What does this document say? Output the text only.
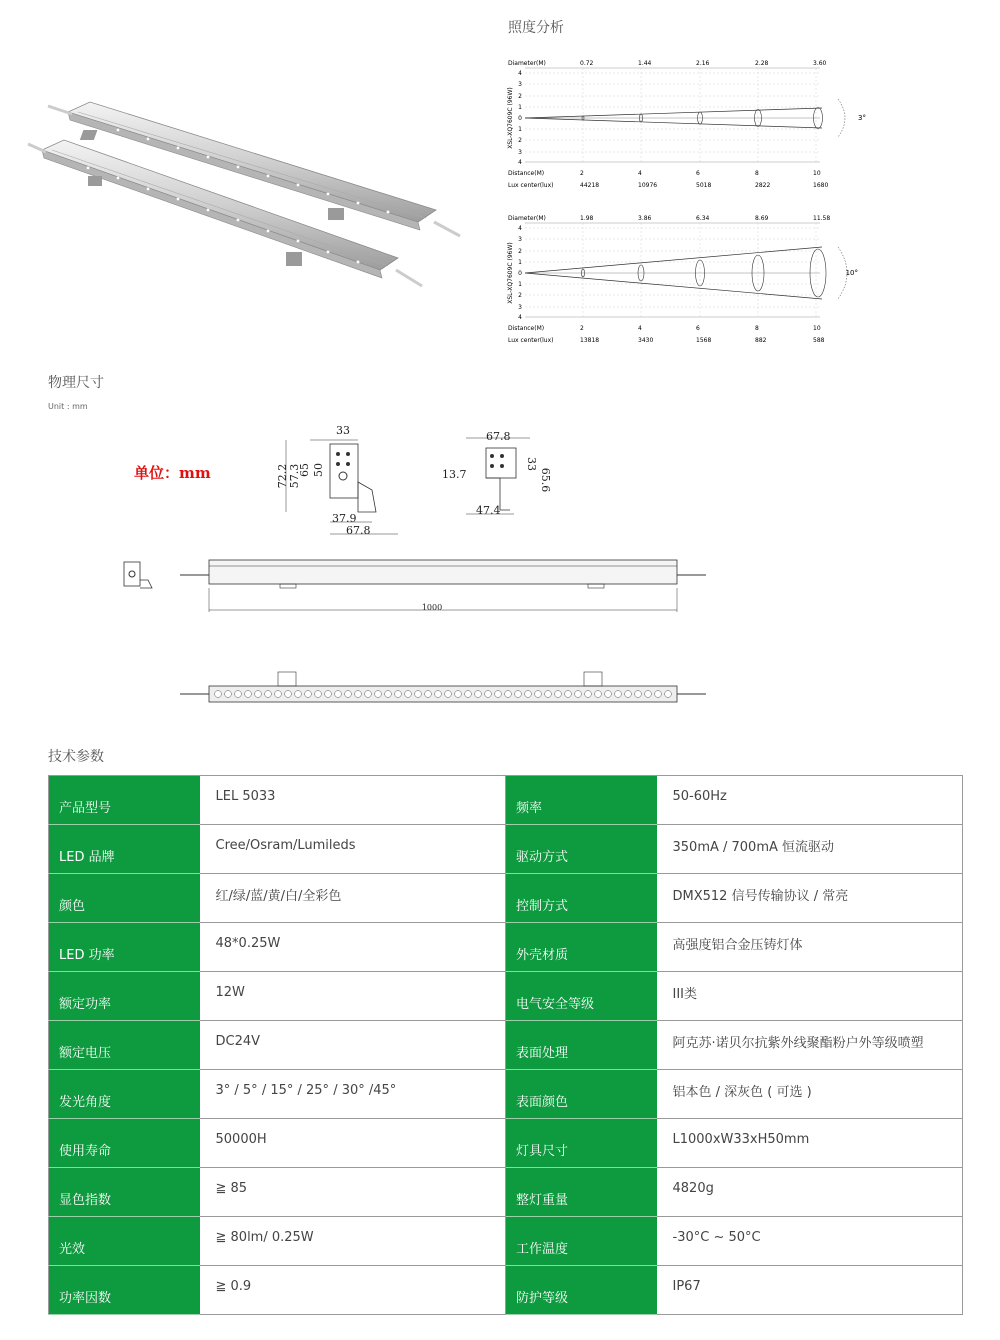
照度分析
物理尺寸
Unit : mm
技术参数
Diameter(M)	0.72	1.44	2.16	2.28	3.60
4
3
2
1
0
1
2
3
4
XSL-XQ7609C (96W)	3°
Distance(M)	2	4	6	8	10
Lux center(lux)	44218	10976	5018	2822	1680
Diameter(M)	1.98	3.86	6.34	8.69	11.58
4
3
2
1
0
1
2
3
4
XSL-XQ7609C (96W)	10°
Distance(M)	2	4	6	8	10
Lux center(lux)	13818	3430	1568	882	588
单位：mm
33
72.2 57.3
65 50
37.9
67.8
67.8
13.7
33
65.6
47.4
1000
产品型号	LEL 5033	频率	50-60Hz
LED 品牌	Cree/Osram/Lumileds	驱动方式	350mA / 700mA 恒流驱动
颜色	红/绿/蓝/黄/白/全彩色	控制方式	DMX512 信号传输协议 / 常亮
LED 功率	48*0.25W	外壳材质	高强度铝合金压铸灯体
额定功率	12W	电气安全等级	III类
额定电压	DC24V	表面处理	阿克苏·诺贝尔抗紫外线聚酯粉户外等级喷塑
发光角度	3° / 5° / 15° / 25° / 30° /45°	表面颜色	铝本色 / 深灰色 ( 可选 )
使用寿命	50000H	灯具尺寸	L1000xW33xH50mm
显色指数	≧ 85	整灯重量	4820g
光效	≧ 80lm/ 0.25W	工作温度	-30°C ~ 50°C
功率因数	≧ 0.9	防护等级	IP67
